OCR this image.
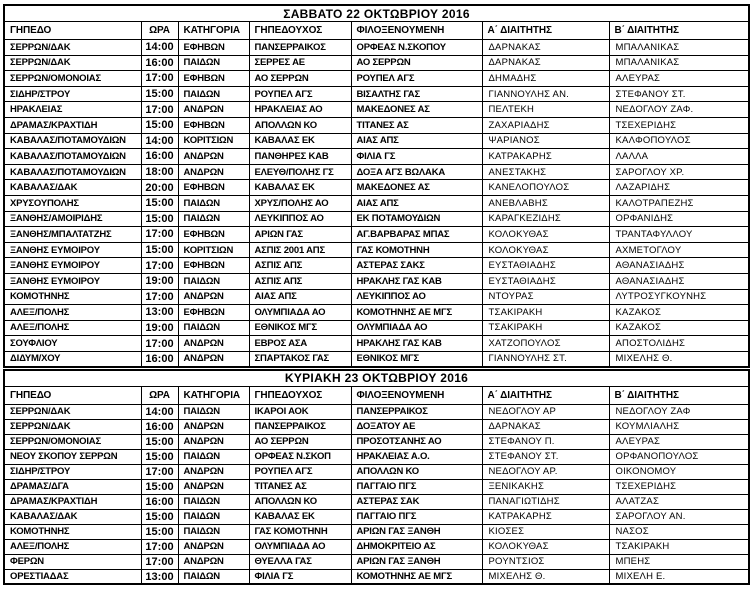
ΣΑΒΒΑΤΟ 22 ΟΚΤΩΒΡΙΟΥ 2016						
ΓΗΠΕΔΟ	ΩΡΑ	ΚΑΤΗΓΟΡΙΑ	ΓΗΠΕΔΟΥΧΟΣ	ΦΙΛΟΞΕΝΟΥΜΕΝΗ	Α΄ ΔΙΑΙΤΗΤΗΣ	Β΄ ΔΙΑΙΤΗΤΗΣ
ΣΕΡΡΩΝ/ΔΑΚ	14:00	ΕΦΗΒΩΝ	ΠΑΝΣΕΡΡΑΙΚΟΣ	ΟΡΦΕΑΣ Ν.ΣΚΟΠΟΥ	ΔΑΡΝΑΚΑΣ	ΜΠΑΛΑΝΙΚΑΣ
ΣΕΡΡΩΝ/ΔΑΚ	16:00	ΠΑΙΔΩΝ	ΣΕΡΡΕΣ ΑΕ	ΑΟ ΣΕΡΡΩΝ	ΔΑΡΝΑΚΑΣ	ΜΠΑΛΑΝΙΚΑΣ
ΣΕΡΡΩΝ/ΟΜΟΝΟΙΑΣ	17:00	ΕΦΗΒΩΝ	ΑΟ ΣΕΡΡΩΝ	ΡΟΥΠΕΛ ΑΓΣ	ΔΗΜΑΔΗΣ	ΑΛΕΥΡΑΣ
ΣΙΔΗΡ/ΣΤΡΟΥ	15:00	ΠΑΙΔΩΝ	ΡΟΥΠΕΛ ΑΓΣ	ΒΙΣΑΛΤΗΣ ΓΑΣ	ΓΙΑΝΝΟΥΛΗΣ ΑΝ.	ΣΤΕΦΑΝΟΥ ΣΤ.
ΗΡΑΚΛΕΙΑΣ	17:00	ΑΝΔΡΩΝ	ΗΡΑΚΛΕΙΑΣ ΑΟ	ΜΑΚΕΔΟΝΕΣ ΑΣ	ΠΕΛΤΕΚΗ	ΝΕΔΟΓΛΟΥ ΖΑΦ.
ΔΡΑΜΑΣ/ΚΡΑΧΤΙΔΗ	15:00	ΕΦΗΒΩΝ	ΑΠΟΛΛΩΝ ΚΟ	ΤΙΤΑΝΕΣ ΑΣ	ΖΑΧΑΡΙΑΔΗΣ	ΤΣΕΧΕΡΙΔΗΣ
ΚΑΒΑΛΑΣ/ΠΟΤΑΜΟΥΔΙΩΝ	14:00	ΚΟΡΙΤΣΙΩΝ	ΚΑΒΑΛΑΣ ΕΚ	ΑΙΑΣ ΑΠΣ	ΨΑΡΙΑΝΟΣ	ΚΑΛΦΟΠΟΥΛΟΣ
ΚΑΒΑΛΑΣ/ΠΟΤΑΜΟΥΔΙΩΝ	16:00	ΑΝΔΡΩΝ	ΠΑΝΘΗΡΕΣ ΚΑΒ	ΦΙΛΙΑ ΓΣ	ΚΑΤΡΑΚΑΡΗΣ	ΛΑΛΛΑ
ΚΑΒΑΛΑΣ/ΠΟΤΑΜΟΥΔΙΩΝ	18:00	ΑΝΔΡΩΝ	ΕΛΕΥΘ/ΠΟΛΗΣ ΓΣ	ΔΟΞΑ ΑΓΣ ΒΩΛΑΚΑ	ΑΝΕΣΤΑΚΗΣ	ΣΑΡΟΓΛΟΥ ΧΡ.
ΚΑΒΑΛΑΣ/ΔΑΚ	20:00	ΕΦΗΒΩΝ	ΚΑΒΑΛΑΣ ΕΚ	ΜΑΚΕΔΟΝΕΣ ΑΣ	ΚΑΝΕΛΟΠΟΥΛΟΣ	ΛΑΖΑΡΙΔΗΣ
ΧΡΥΣΟΥΠΟΛΗΣ	15:00	ΠΑΙΔΩΝ	ΧΡΥΣ/ΠΟΛΗΣ ΑΟ	ΑΙΑΣ ΑΠΣ	ΑΝΕΒΛΑΒΗΣ	ΚΑΛΟΤΡΑΠΕΖΗΣ
ΞΑΝΘΗΣ/ΑΜΟΙΡΙΔΗΣ	15:00	ΠΑΙΔΩΝ	ΛΕΥΚΙΠΠΟΣ ΑΟ	ΕΚ ΠΟΤΑΜΟΥΔΙΩΝ	ΚΑΡΑΓΚΕΖΙΔΗΣ	ΟΡΦΑΝΙΔΗΣ
ΞΑΝΘΗΣ/ΜΠΑΛΤΑΤΖΗΣ	17:00	ΕΦΗΒΩΝ	ΑΡΙΩΝ ΓΑΣ	ΑΓ.ΒΑΡΒΑΡΑΣ ΜΠΑΣ	ΚΟΛΟΚΥΘΑΣ	ΤΡΑΝΤΑΦΥΛΛΟΥ
ΞΑΝΘΗΣ ΕΥΜΟΙΡΟΥ	15:00	ΚΟΡΙΤΣΙΩΝ	ΑΣΠΙΣ 2001 ΑΠΣ	ΓΑΣ ΚΟΜΟΤΗΝΗ	ΚΟΛΟΚΥΘΑΣ	ΑΧΜΕΤΟΓΛΟΥ
ΞΑΝΘΗΣ ΕΥΜΟΙΡΟΥ	17:00	ΕΦΗΒΩΝ	ΑΣΠΙΣ ΑΠΣ	ΑΣΤΕΡΑΣ ΣΑΚΣ	ΕΥΣΤΑΘΙΑΔΗΣ	ΑΘΑΝΑΣΙΑΔΗΣ
ΞΑΝΘΗΣ ΕΥΜΟΙΡΟΥ	19:00	ΠΑΙΔΩΝ	ΑΣΠΙΣ ΑΠΣ	ΗΡΑΚΛΗΣ ΓΑΣ ΚΑΒ	ΕΥΣΤΑΘΙΑΔΗΣ	ΑΘΑΝΑΣΙΑΔΗΣ
ΚΟΜΟΤΗΝΗΣ	17:00	ΑΝΔΡΩΝ	ΑΙΑΣ ΑΠΣ	ΛΕΥΚΙΠΠΟΣ ΑΟ	ΝΤΟΥΡΑΣ	ΛΥΤΡΟΣΥΓΚΟΥΝΗΣ
ΑΛΕΞ/ΠΟΛΗΣ	13:00	ΕΦΗΒΩΝ	ΟΛΥΜΠΙΑΔΑ ΑΟ	ΚΟΜΟΤΗΝΗΣ ΑΕ ΜΓΣ	ΤΣΑΚΙΡΑΚΗ	ΚΑΖΑΚΟΣ
ΑΛΕΞ/ΠΟΛΗΣ	19:00	ΠΑΙΔΩΝ	ΕΘΝΙΚΟΣ ΜΓΣ	ΟΛΥΜΠΙΑΔΑ ΑΟ	ΤΣΑΚΙΡΑΚΗ	ΚΑΖΑΚΟΣ
ΣΟΥΦΛΙΟΥ	17:00	ΑΝΔΡΩΝ	ΕΒΡΟΣ ΑΣΑ	ΗΡΑΚΛΗΣ ΓΑΣ ΚΑΒ	ΧΑΤΖΟΠΟΥΛΟΣ	ΑΠΟΣΤΟΛΙΔΗΣ
ΔΙΔΥΜ/ΧΟΥ	16:00	ΑΝΔΡΩΝ	ΣΠΑΡΤΑΚΟΣ ΓΑΣ	ΕΘΝΙΚΟΣ ΜΓΣ	ΓΙΑΝΝΟΥΛΗΣ ΣΤ.	ΜΙΧΕΛΗΣ Θ.
ΚΥΡΙΑΚΗ 23 ΟΚΤΩΒΡΙΟΥ 2016						
ΓΗΠΕΔΟ	ΩΡΑ	ΚΑΤΗΓΟΡΙΑ	ΓΗΠΕΔΟΥΧΟΣ	ΦΙΛΟΞΕΝΟΥΜΕΝΗ	Α΄ ΔΙΑΙΤΗΤΗΣ	Β΄ ΔΙΑΙΤΗΤΗΣ
ΣΕΡΡΩΝ/ΔΑΚ	14:00	ΠΑΙΔΩΝ	ΙΚΑΡΟΙ ΑΟΚ	ΠΑΝΣΕΡΡΑΙΚΟΣ	ΝΕΔΟΓΛΟΥ ΑΡ	ΝΕΔΟΓΛΟΥ ΖΑΦ
ΣΕΡΡΩΝ/ΔΑΚ	16:00	ΑΝΔΡΩΝ	ΠΑΝΣΕΡΡΑΙΚΟΣ	ΔΟΞΑΤΟΥ ΑΕ	ΔΑΡΝΑΚΑΣ	ΚΟΥΜΛΙΑΛΗΣ
ΣΕΡΡΩΝ/ΟΜΟΝΟΙΑΣ	15:00	ΑΝΔΡΩΝ	ΑΟ ΣΕΡΡΩΝ	ΠΡΟΣΟΤΣΑΝΗΣ ΑΟ	ΣΤΕΦΑΝΟΥ Π.	ΑΛΕΥΡΑΣ
ΝΕΟΥ ΣΚΟΠΟΥ ΣΕΡΡΩΝ	15:00	ΠΑΙΔΩΝ	ΟΡΦΕΑΣ Ν.ΣΚΟΠ	ΗΡΑΚΛΕΙΑΣ Α.Ο.	ΣΤΕΦΑΝΟΥ ΣΤ.	ΟΡΦΑΝΟΠΟΥΛΟΣ
ΣΙΔΗΡ/ΣΤΡΟΥ	17:00	ΑΝΔΡΩΝ	ΡΟΥΠΕΛ ΑΓΣ	ΑΠΟΛΛΩΝ ΚΟ	ΝΕΔΟΓΛΟΥ ΑΡ.	ΟΙΚΟΝΟΜΟΥ
ΔΡΑΜΑΣ/ΔΓΑ	15:00	ΑΝΔΡΩΝ	ΤΙΤΑΝΕΣ ΑΣ	ΠΑΓΓΑΙΟ ΠΓΣ	ΞΕΝΙΚΑΚΗΣ	ΤΣΕΧΕΡΙΔΗΣ
ΔΡΑΜΑΣ/ΚΡΑΧΤΙΔΗ	16:00	ΠΑΙΔΩΝ	ΑΠΟΛΛΩΝ ΚΟ	ΑΣΤΕΡΑΣ ΣΑΚ	ΠΑΝΑΓΙΩΤΙΔΗΣ	ΑΛΑΤΖΑΣ
ΚΑΒΑΛΑΣ/ΔΑΚ	15:00	ΠΑΙΔΩΝ	ΚΑΒΑΛΑΣ ΕΚ	ΠΑΓΓΑΙΟ ΠΓΣ	ΚΑΤΡΑΚΑΡΗΣ	ΣΑΡΟΓΛΟΥ ΑΝ.
ΚΟΜΟΤΗΝΗΣ	15:00	ΠΑΙΔΩΝ	ΓΑΣ ΚΟΜΟΤΗΝΗ	ΑΡΙΩΝ ΓΑΣ ΞΑΝΘΗ	ΚΙΟΣΕΣ	ΝΑΣΟΣ
ΑΛΕΞ/ΠΟΛΗΣ	17:00	ΑΝΔΡΩΝ	ΟΛΥΜΠΙΑΔΑ ΑΟ	ΔΗΜΟΚΡΙΤΕΙΟ ΑΣ	ΚΟΛΟΚΥΘΑΣ	ΤΣΑΚΙΡΑΚΗ
ΦΕΡΩΝ	17:00	ΑΝΔΡΩΝ	ΘΥΕΛΛΑ ΓΑΣ	ΑΡΙΩΝ ΓΑΣ ΞΑΝΘΗ	ΡΟΥΝΤΣΙΟΣ	ΜΠΕΗΣ
ΟΡΕΣΤΙΑΔΑΣ	13:00	ΠΑΙΔΩΝ	ΦΙΛΙΑ ΓΣ	ΚΟΜΟΤΗΝΗΣ ΑΕ ΜΓΣ	ΜΙΧΕΛΗΣ Θ.	ΜΙΧΕΛΗ Ε.
